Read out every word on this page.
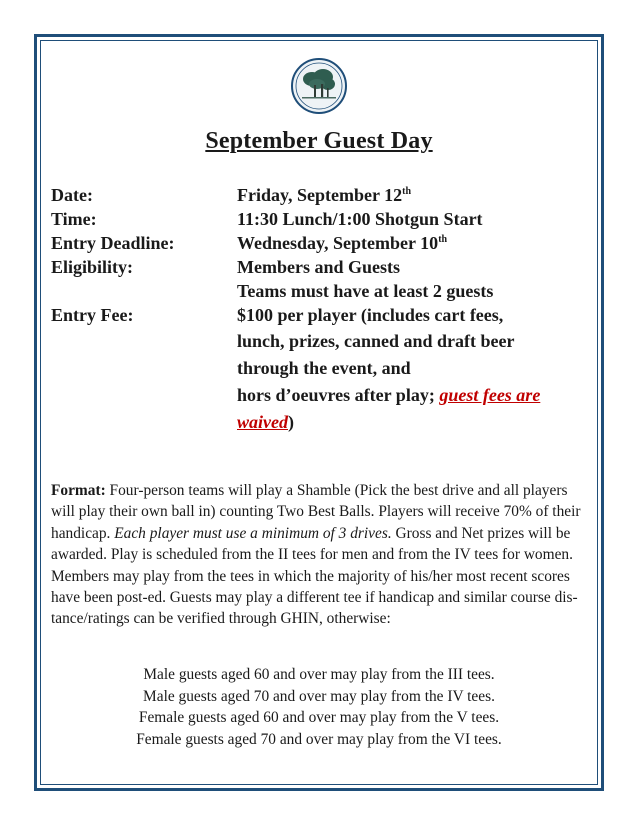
September Guest Day
Date:	Friday, September 12th
Time:	11:30 Lunch/1:00 Shotgun Start
Entry Deadline:	Wednesday, September 10th
Eligibility:	Members and Guests
Teams must have at least 2 guests
Entry Fee:	$100 per player (includes cart fees,
lunch, prizes, canned and draft beer
through the event, and
hors d’oeuvres after play; guest fees are
waived)
Format: Four-person teams will play a Shamble (Pick the best drive and all players will play their own ball in) counting Two Best Balls. Players will receive 70% of their handicap. Each player must use a minimum of 3 drives. Gross and Net prizes will be awarded. Play is scheduled from the II tees for men and from the IV tees for women. Members may play from the tees in which the majority of his/her most recent scores have been post-ed. Guests may play a different tee if handicap and similar course dis-tance/ratings can be verified through GHIN, otherwise:
Male guests aged 60 and over may play from the III tees.
Male guests aged 70 and over may play from the IV tees.
Female guests aged 60 and over may play from the V tees.
Female guests aged 70 and over may play from the VI tees.
